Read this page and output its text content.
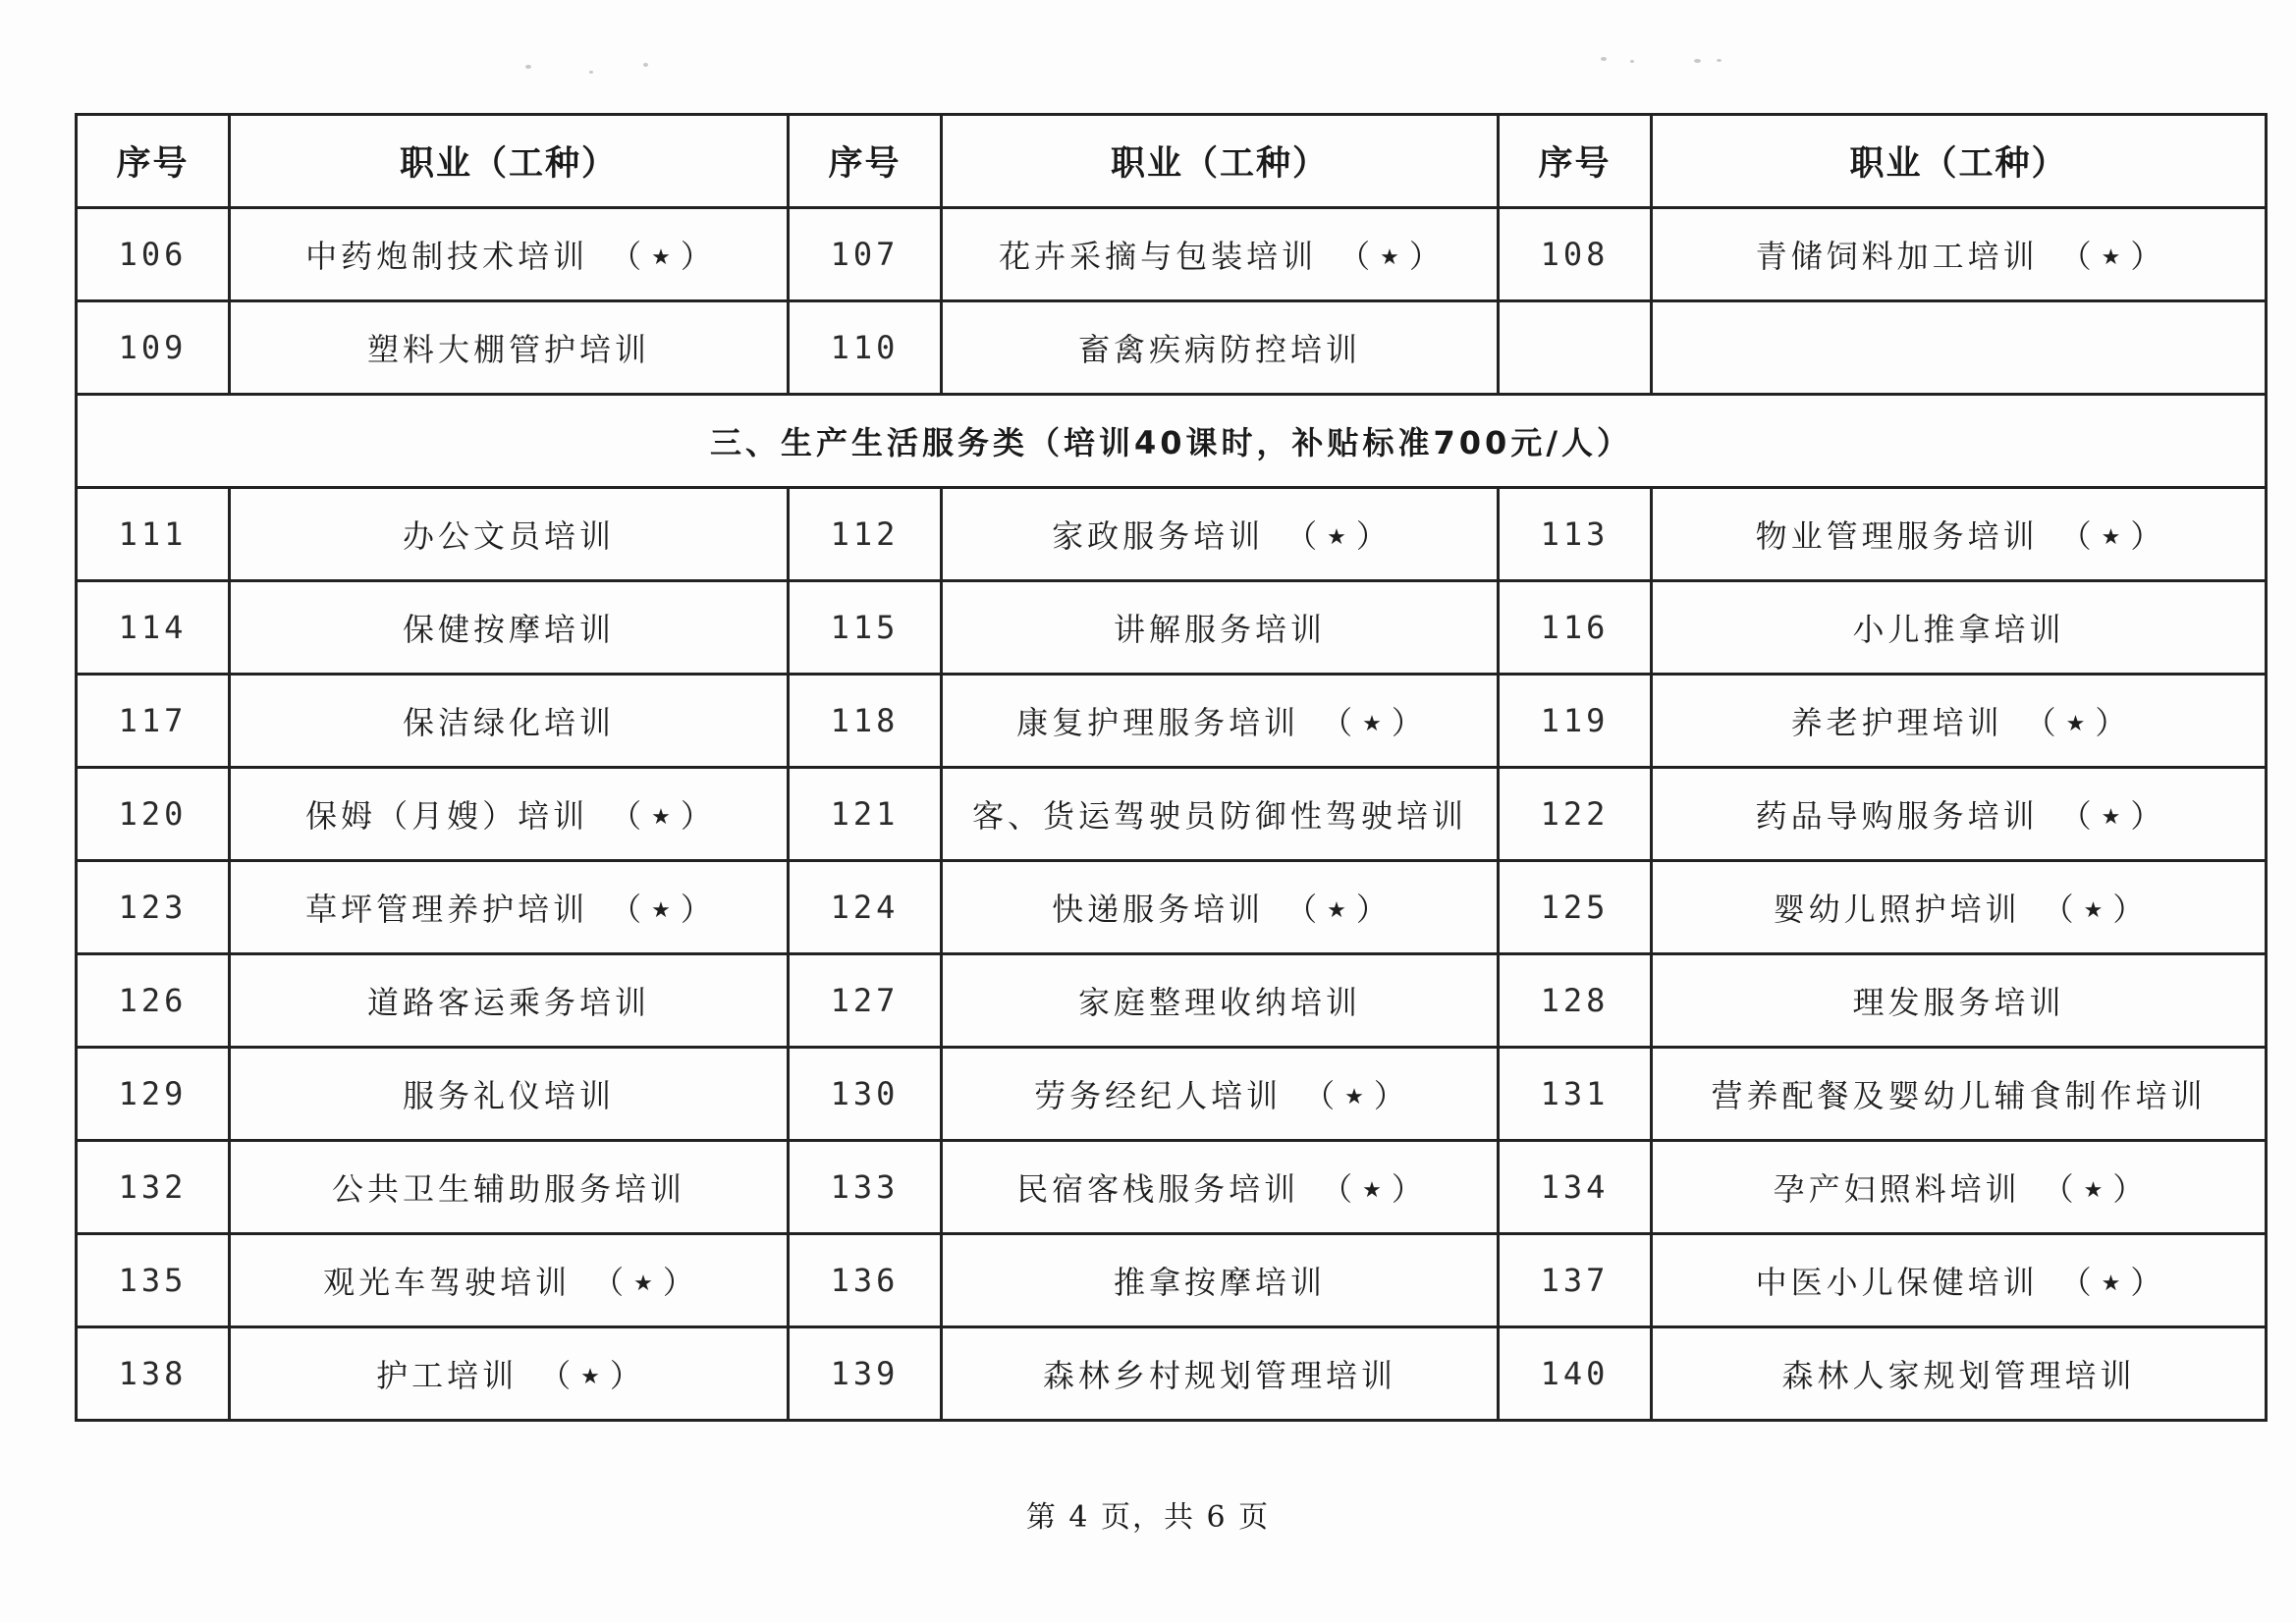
序号	职业（工种）	序号	职业（工种）	序号	职业（工种）
106	中药炮制技术培训 （ ★ ）	107	花卉采摘与包装培训 （ ★ ）	108	青储饲料加工培训 （ ★ ）
109	塑料大棚管护培训	110	畜禽疾病防控培训		
三、生产生活服务类（培训40课时，补贴标准700元/人）					
111	办公文员培训	112	家政服务培训 （ ★ ）	113	物业管理服务培训 （ ★ ）
114	保健按摩培训	115	讲解服务培训	116	小儿推拿培训
117	保洁绿化培训	118	康复护理服务培训 （ ★ ）	119	养老护理培训 （ ★ ）
120	保姆（月嫂）培训 （ ★ ）	121	客、货运驾驶员防御性驾驶培训	122	药品导购服务培训 （ ★ ）
123	草坪管理养护培训 （ ★ ）	124	快递服务培训 （ ★ ）	125	婴幼儿照护培训 （ ★ ）
126	道路客运乘务培训	127	家庭整理收纳培训	128	理发服务培训
129	服务礼仪培训	130	劳务经纪人培训 （ ★ ）	131	营养配餐及婴幼儿辅食制作培训
132	公共卫生辅助服务培训	133	民宿客栈服务培训 （ ★ ）	134	孕产妇照料培训 （ ★ ）
135	观光车驾驶培训 （ ★ ）	136	推拿按摩培训	137	中医小儿保健培训 （ ★ ）
138	护工培训 （ ★ ）	139	森林乡村规划管理培训	140	森林人家规划管理培训
第 4 页，共 6 页
